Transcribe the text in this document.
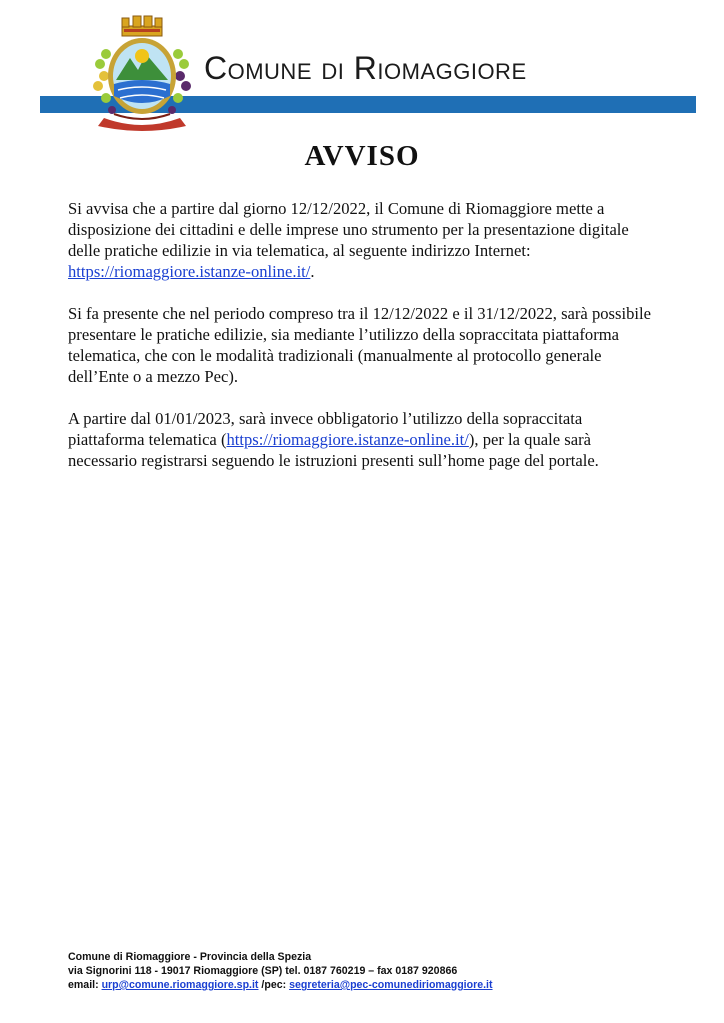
Comune di Riomaggiore
AVVISO

Si avvisa che a partire dal giorno 12/12/2022, il Comune di Riomaggiore mette a disposizione dei cittadini e delle imprese uno strumento per la presentazione digitale delle pratiche edilizie in via telematica, al seguente indirizzo Internet:
https://riomaggiore.istanze-online.it/.

Si fa presente che nel periodo compreso tra il 12/12/2022 e il 31/12/2022, sarà possibile presentare le pratiche edilizie, sia mediante l’utilizzo della sopraccitata piattaforma telematica, che con le modalità tradizionali (manualmente al protocollo generale dell’Ente o a mezzo Pec).

A partire dal 01/01/2023, sarà invece obbligatorio l’utilizzo della sopraccitata piattaforma telematica (https://riomaggiore.istanze-online.it/), per la quale sarà necessario registrarsi seguendo le istruzioni presenti sull’home page del portale.

Comune di Riomaggiore - Provincia della Spezia
via Signorini 118 - 19017 Riomaggiore (SP) tel. 0187 760219 – fax 0187 920866
email: urp@comune.riomaggiore.sp.it /pec: segreteria@pec-comunediriomaggiore.it
